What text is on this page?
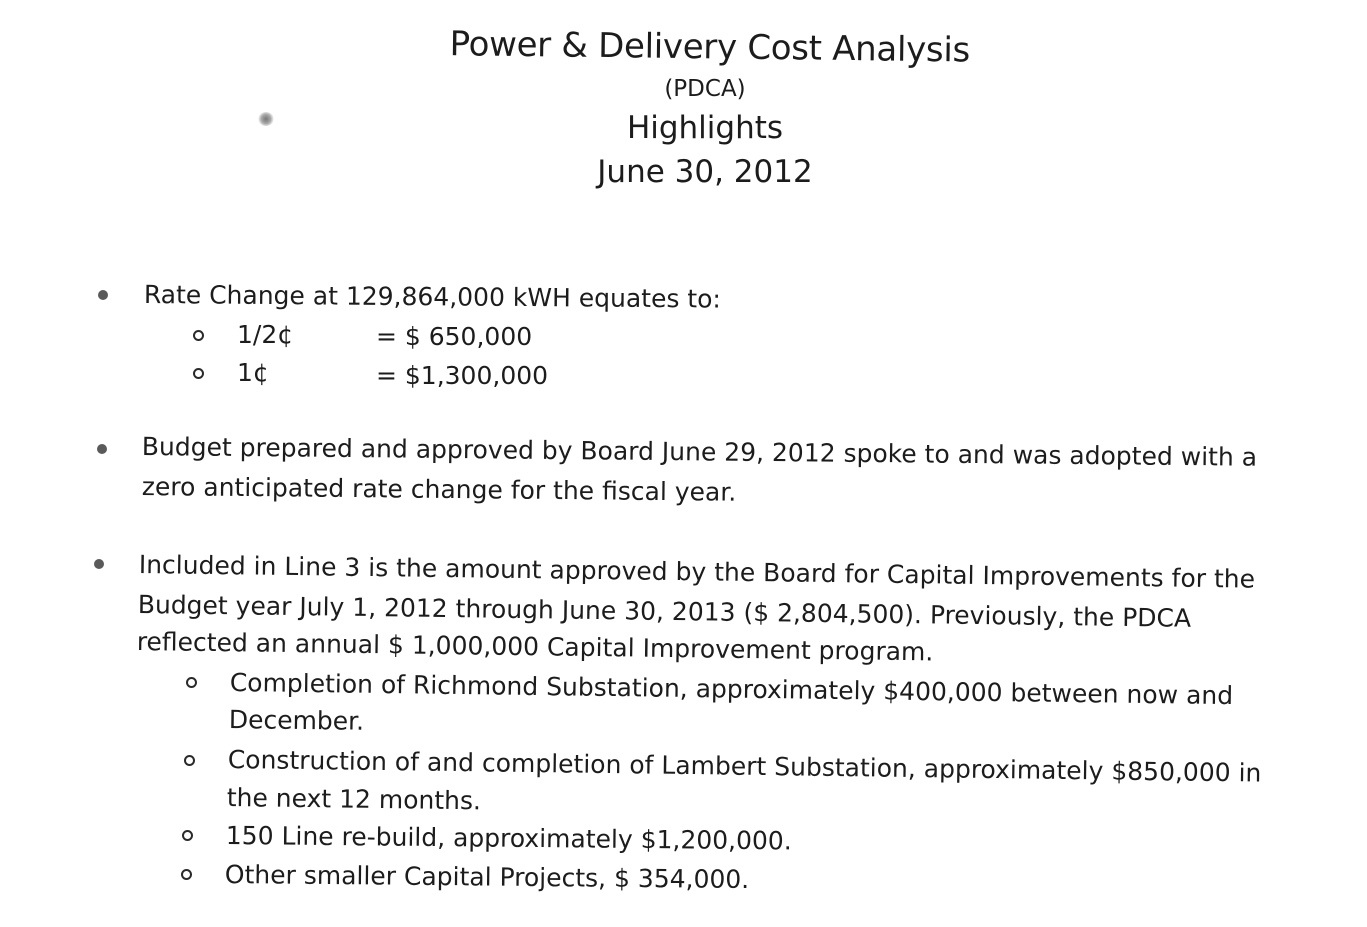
Power & Delivery Cost Analysis
(PDCA)
Highlights
June 30, 2012
Rate Change at 129,864,000 kWH equates to:
1/2¢	= $ 650,000
1¢	= $1,300,000
Budget prepared and approved by Board June 29, 2012 spoke to and was adopted with a
zero anticipated rate change for the fiscal year.
Included in Line 3 is the amount approved by the Board for Capital Improvements for the
Budget year July 1, 2012 through June 30, 2013 ($ 2,804,500). Previously, the PDCA
reflected an annual $ 1,000,000 Capital Improvement program.
Completion of Richmond Substation, approximately $400,000 between now and
December.
Construction of and completion of Lambert Substation, approximately $850,000 in
the next 12 months.
150 Line re-build, approximately $1,200,000.
Other smaller Capital Projects, $ 354,000.
